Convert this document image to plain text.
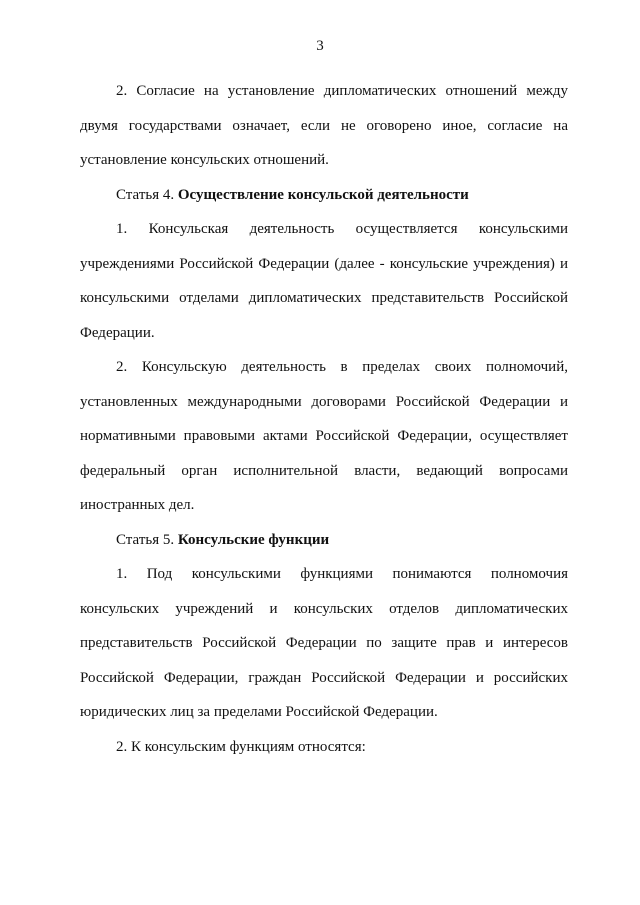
3

2. Согласие на установление дипломатических отношений между двумя государствами означает, если не оговорено иное, согласие на установление консульских отношений.

Статья 4. Осуществление консульской деятельности

1. Консульская деятельность осуществляется консульскими учреждениями Российской Федерации (далее - консульские учреждения) и консульскими отделами дипломатических представительств Российской Федерации.

2. Консульскую деятельность в пределах своих полномочий, установленных международными договорами Российской Федерации и нормативными правовыми актами Российской Федерации, осуществляет федеральный орган исполнительной власти, ведающий вопросами иностранных дел.

Статья 5. Консульские функции

1. Под консульскими функциями понимаются полномочия консульских учреждений и консульских отделов дипломатических представительств Российской Федерации по защите прав и интересов Российской Федерации, граждан Российской Федерации и российских юридических лиц за пределами Российской Федерации.

2. К консульским функциям относятся:
